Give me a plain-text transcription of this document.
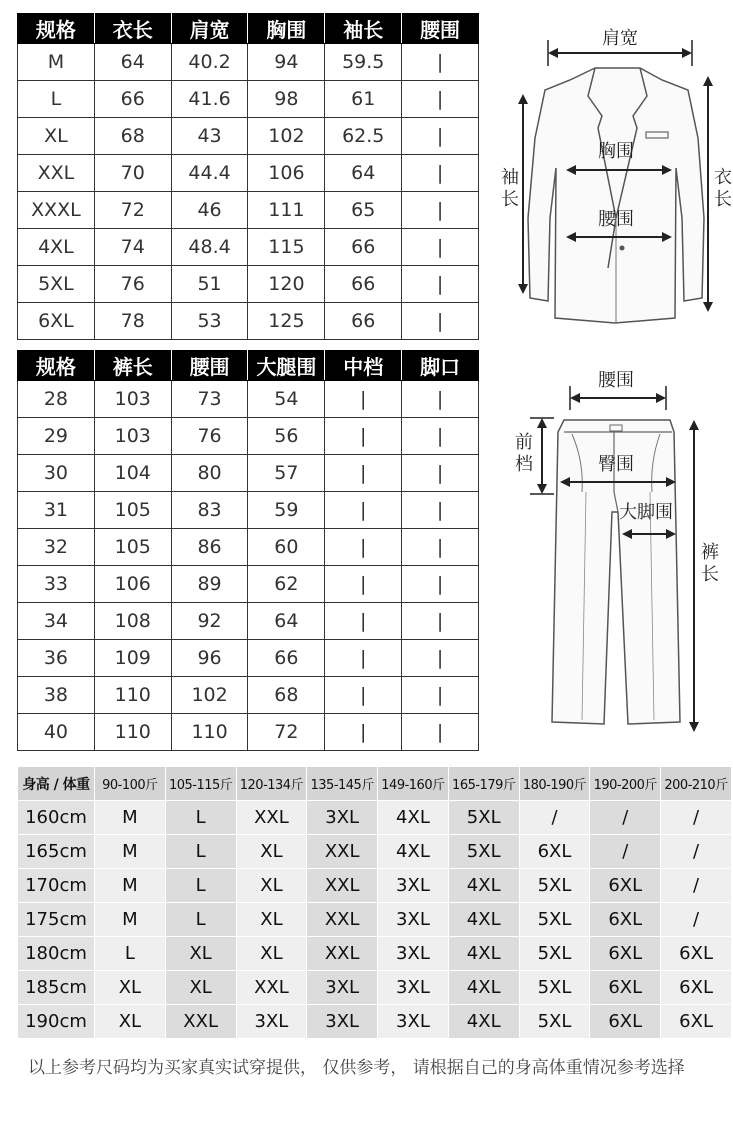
规格	衣长	肩宽	胸围	袖长	腰围
M	64	40.2	94	59.5	|
L	66	41.6	98	61	|
XL	68	43	102	62.5	|
XXL	70	44.4	106	64	|
XXXL	72	46	111	65	|
4XL	74	48.4	115	66	|
5XL	76	51	120	66	|
6XL	78	53	125	66	|
规格	裤长	腰围	大腿围	中档	脚口
28	103	73	54	|	|
29	103	76	56	|	|
30	104	80	57	|	|
31	105	83	59	|	|
32	105	86	60	|	|
33	106	89	62	|	|
34	108	92	64	|	|
36	109	96	66	|	|
38	110	102	68	|	|
40	110	110	72	|	|
肩宽
胸围
腰围
袖
长
衣
长
腰围
前
档	臀围
大脚围
裤
长
身高 / 体重	90-100斤	105-115斤	120-134斤	135-145斤	149-160斤	165-179斤	180-190斤	190-200斤	200-210斤
160cm	M	L	XXL	3XL	4XL	5XL	/	/	/
165cm	M	L	XL	XXL	4XL	5XL	6XL	/	/
170cm	M	L	XL	XXL	3XL	4XL	5XL	6XL	/
175cm	M	L	XL	XXL	3XL	4XL	5XL	6XL	/
180cm	L	XL	XL	XXL	3XL	4XL	5XL	6XL	6XL
185cm	XL	XL	XXL	3XL	3XL	4XL	5XL	6XL	6XL
190cm	XL	XXL	3XL	3XL	3XL	4XL	5XL	6XL	6XL
以上参考尺码均为买家真实试穿提供， 仅供参考， 请根据自己的身高体重情况参考选择
